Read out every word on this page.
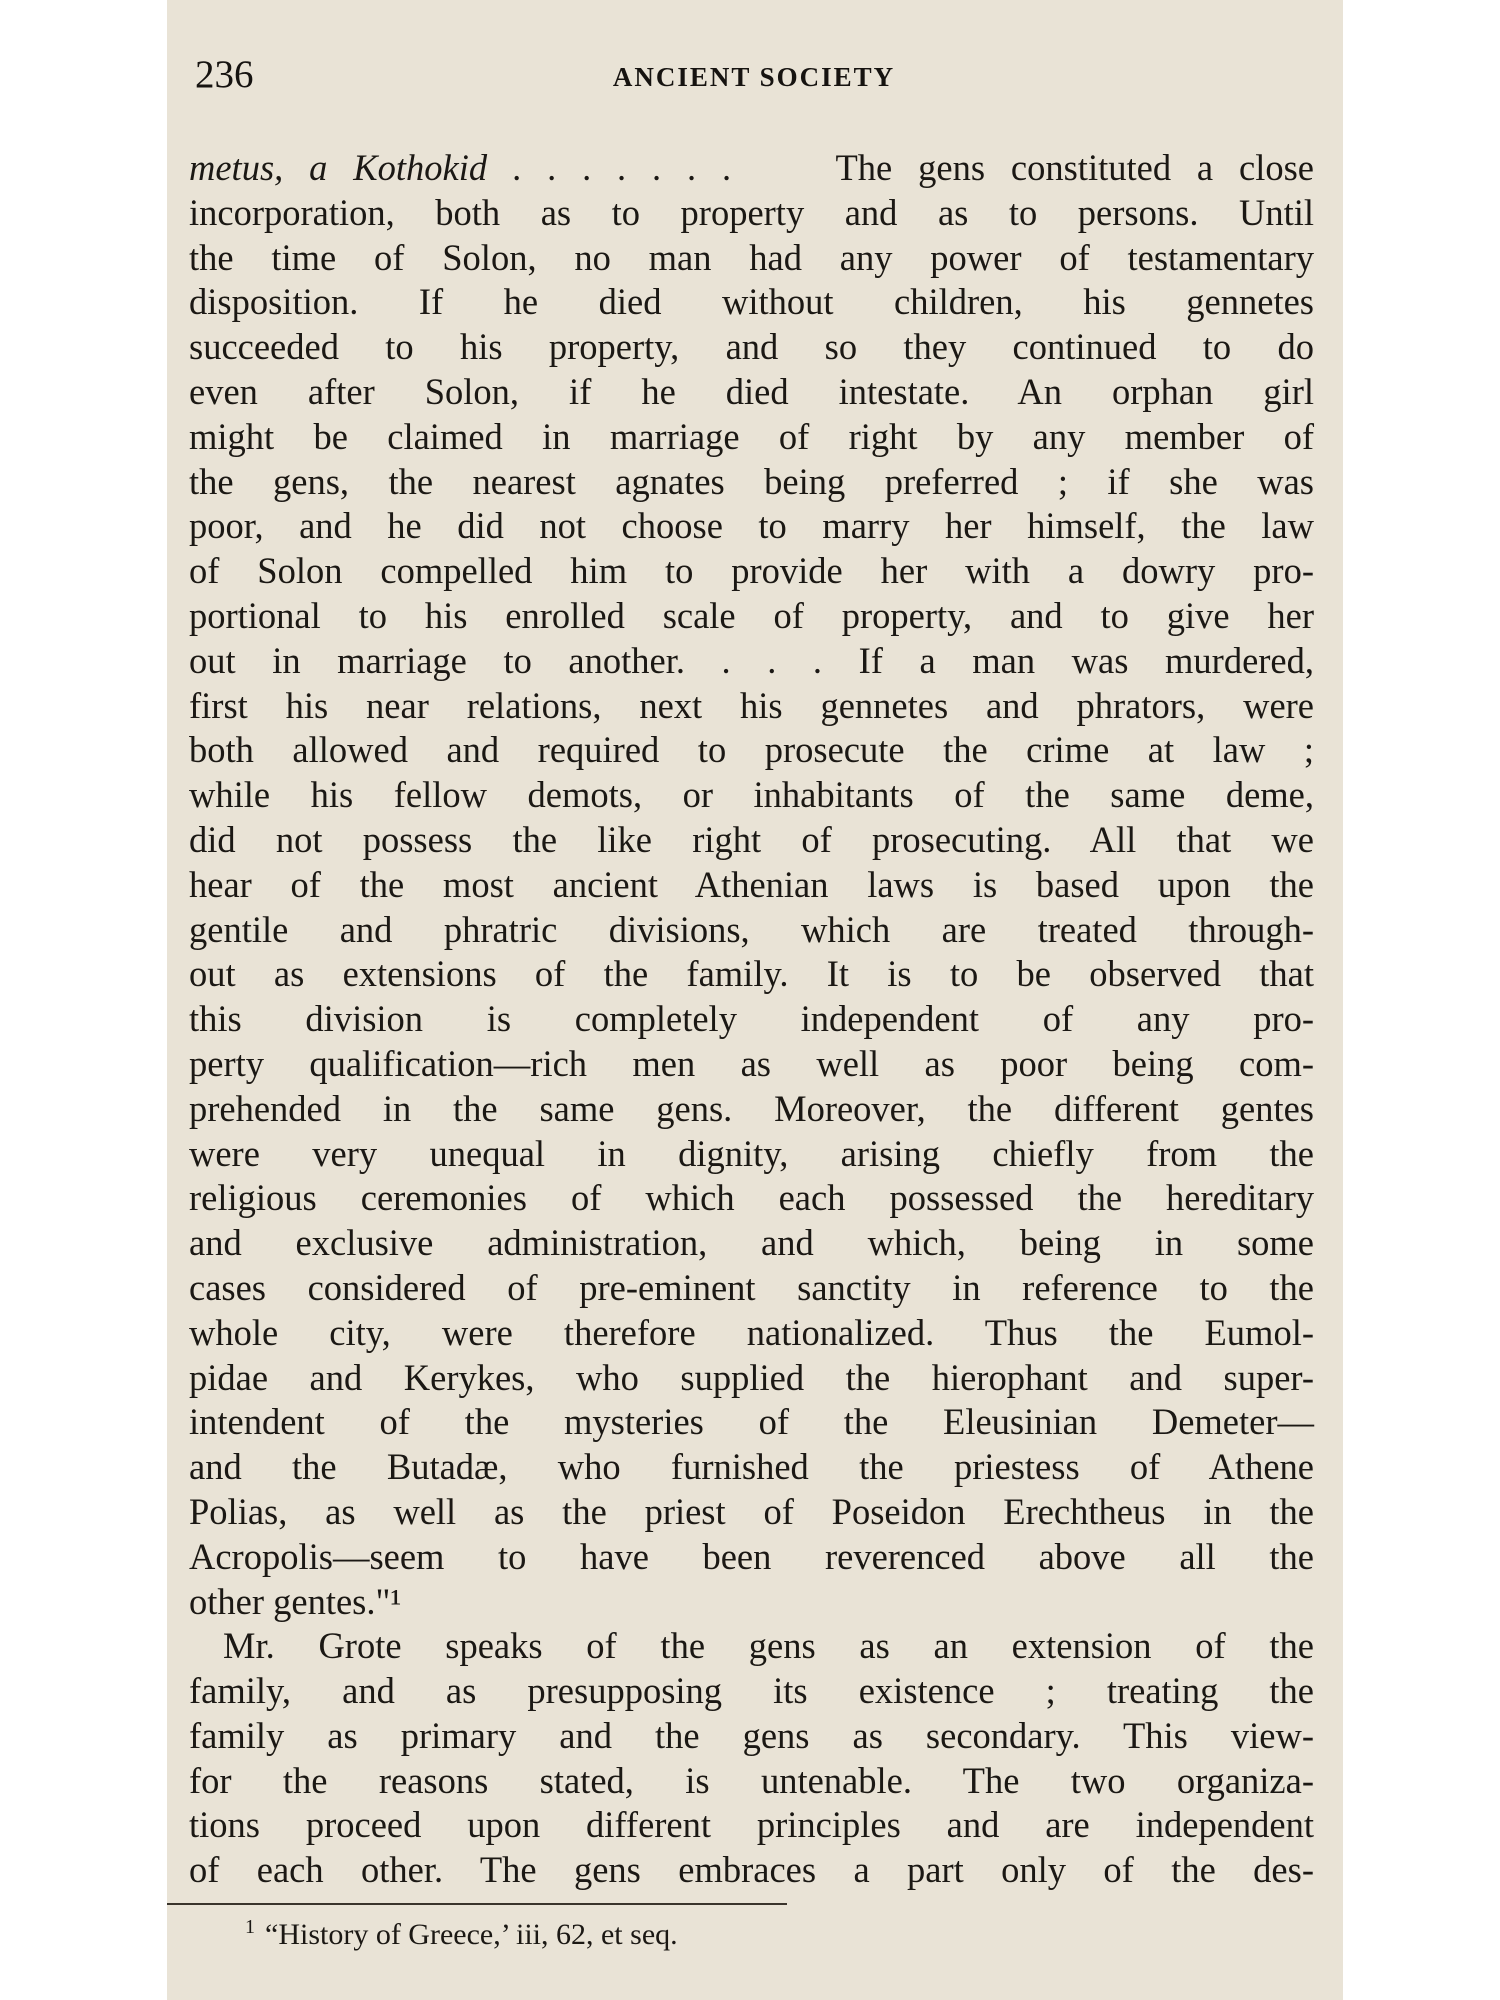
236	ANCIENT SOCIETY
metus, a Kothokid . . . . . . .	The gens constituted a close
incorporation, both as to property and as to persons. Until
the time of Solon, no man had any power of testamentary
disposition. If he died without children, his gennetes
succeeded to his property, and so they continued to do
even after Solon, if he died intestate. An orphan girl
might be claimed in marriage of right by any member of
the gens, the nearest agnates being preferred ; if she was
poor, and he did not choose to marry her himself, the law
of Solon compelled him to provide her with a dowry pro-
portional to his enrolled scale of property, and to give her
out in marriage to another. . . . If a man was murdered,
first his near relations, next his gennetes and phrators, were
both allowed and required to prosecute the crime at law ;
while his fellow demots, or inhabitants of the same deme,
did not possess the like right of prosecuting. All that we
hear of the most ancient Athenian laws is based upon the
gentile and phratric divisions, which are treated through-
out as extensions of the family. It is to be observed that
this division is completely independent of any pro-
perty qualification—rich men as well as poor being com-
prehended in the same gens. Moreover, the different gentes
were very unequal in dignity, arising chiefly from the
religious ceremonies of which each possessed the hereditary
and exclusive administration, and which, being in some
cases considered of pre-eminent sanctity in reference to the
whole city, were therefore nationalized. Thus the Eumol-
pidae and Kerykes, who supplied the hierophant and super-
intendent of the mysteries of the Eleusinian Demeter—
and the Butadæ, who furnished the priestess of Athene
Polias, as well as the priest of Poseidon Erechtheus in the
Acropolis—seem to have been reverenced above all the
other gentes."¹
Mr. Grote speaks of the gens as an extension of the
family, and as presupposing its existence ; treating the
family as primary and the gens as secondary. This view-
for the reasons stated, is untenable. The two organiza-
tions proceed upon different principles and are independent
of each other. The gens embraces a part only of the des-
$^1$ “History of Greece,’ iii, 62, et seq.
